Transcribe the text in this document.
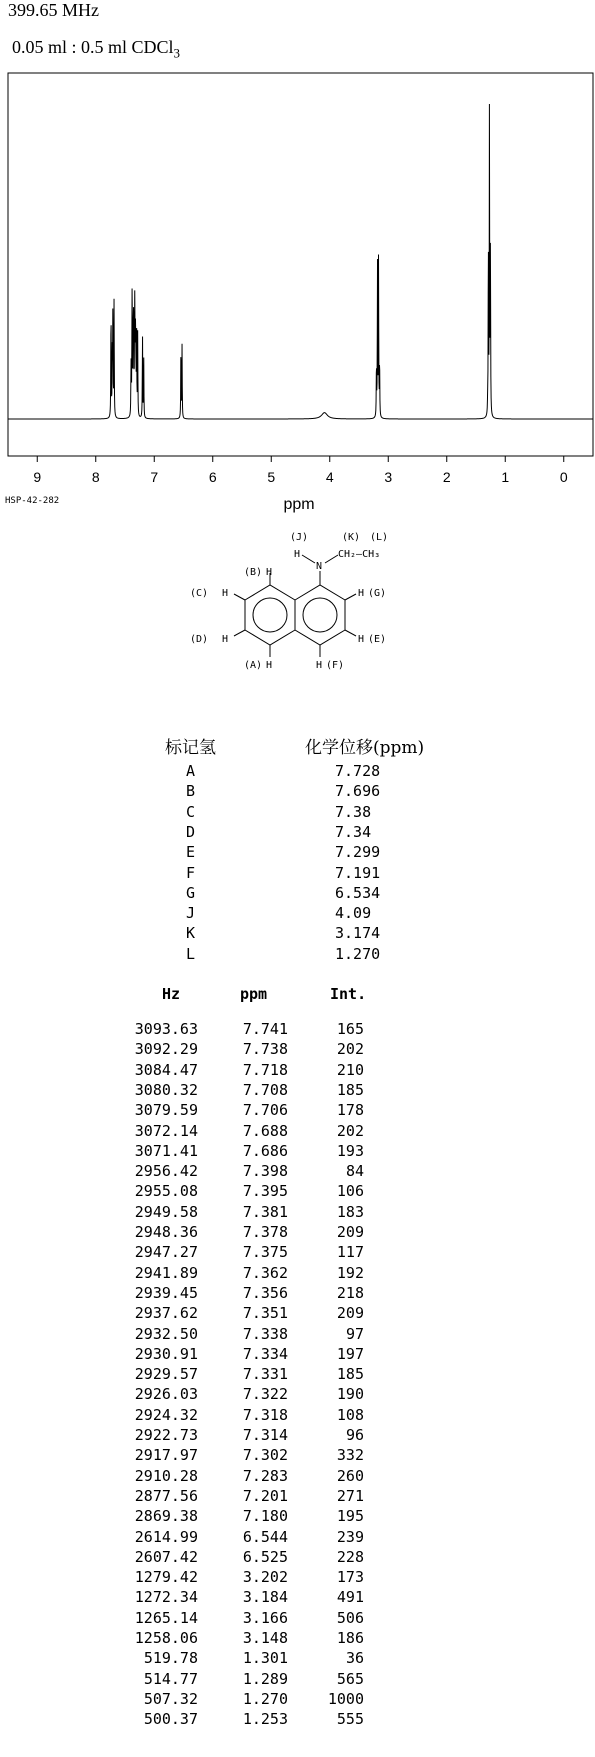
399.65 MHz
0.05 ml : 0.5 ml CDCl$_3$
9	8	7	6	5	4	3	2	1	0
ppm
HSP-42-282
(J)	(K) (L)
H
N
CH₂—CH₃
(B) H
(C) H
(D) H
(A) H
H (G)
H (E)
H (F)
标记氢	化学位移(ppm)
A	7.728
B	7.696
C	7.38
D	7.34
E	7.299
F	7.191
G	6.534
J	4.09
K	3.174
L	1.270
Hz	ppm	Int.
3093.63	7.741	165
3092.29	7.738	202
3084.47	7.718	210
3080.32	7.708	185
3079.59	7.706	178
3072.14	7.688	202
3071.41	7.686	193
2956.42	7.398	84
2955.08	7.395	106
2949.58	7.381	183
2948.36	7.378	209
2947.27	7.375	117
2941.89	7.362	192
2939.45	7.356	218
2937.62	7.351	209
2932.50	7.338	97
2930.91	7.334	197
2929.57	7.331	185
2926.03	7.322	190
2924.32	7.318	108
2922.73	7.314	96
2917.97	7.302	332
2910.28	7.283	260
2877.56	7.201	271
2869.38	7.180	195
2614.99	6.544	239
2607.42	6.525	228
1279.42	3.202	173
1272.34	3.184	491
1265.14	3.166	506
1258.06	3.148	186
519.78	1.301	36
514.77	1.289	565
507.32	1.270	1000
500.37	1.253	555
